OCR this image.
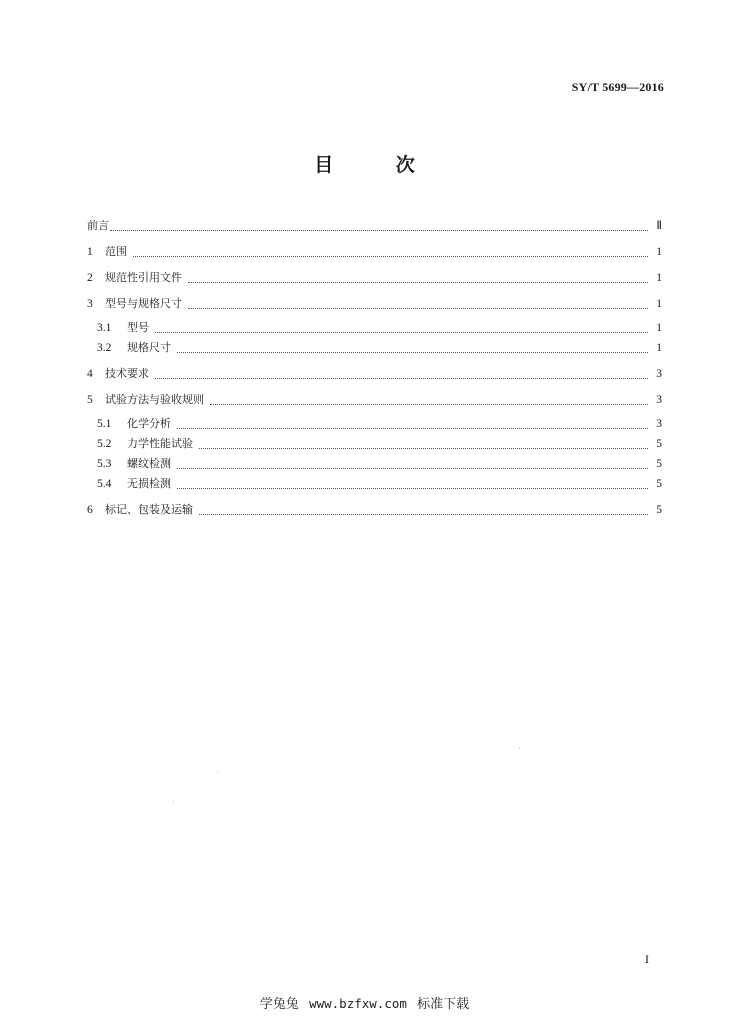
SY/T 5699—2016
目 次
前言	Ⅱ
1	范围	1
2	规范性引用文件	1
3	型号与规格尺寸	1
3.1	型号	1
3.2	规格尺寸	1
4	技术要求	3
5	试验方法与验收规则	3
5.1	化学分析	3
5.2	力学性能试验	5
5.3	螺纹检测	5
5.4	无损检测	5
6	标记、包装及运输	5
I
学兔兔 www.bzfxw.com 标准下载
